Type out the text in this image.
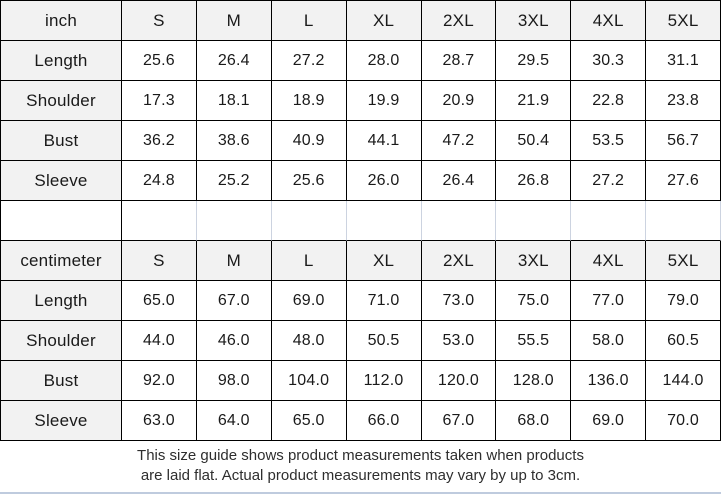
inch	S	M	L	XL	2XL	3XL	4XL	5XL
Length	25.6	26.4	27.2	28.0	28.7	29.5	30.3	31.1
Shoulder	17.3	18.1	18.9	19.9	20.9	21.9	22.8	23.8
Bust	36.2	38.6	40.9	44.1	47.2	50.4	53.5	56.7
Sleeve	24.8	25.2	25.6	26.0	26.4	26.8	27.2	27.6
centimeter	S	M	L	XL	2XL	3XL	4XL	5XL
Length	65.0	67.0	69.0	71.0	73.0	75.0	77.0	79.0
Shoulder	44.0	46.0	48.0	50.5	53.0	55.5	58.0	60.5
Bust	92.0	98.0	104.0	112.0	120.0	128.0	136.0	144.0
Sleeve	63.0	64.0	65.0	66.0	67.0	68.0	69.0	70.0
This size guide shows product measurements taken when products
are laid flat. Actual product measurements may vary by up to 3cm.
